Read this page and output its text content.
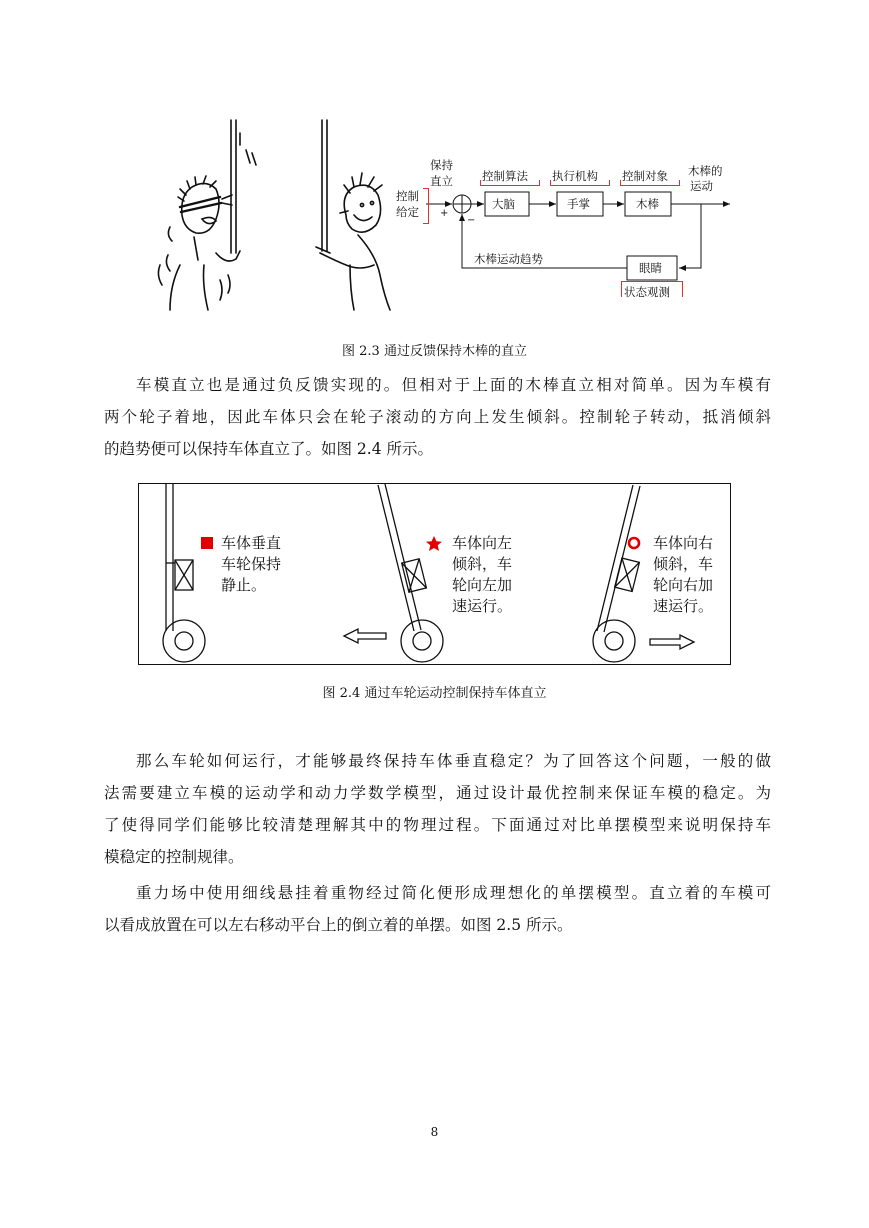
控制
给定
保持
直立
+
−
控制算法 执行机构 控制对象 木棒的
运动
大脑	手掌	木棒
眼睛
木棒运动趋势
状态观测
图 2.3 通过反馈保持木棒的直立

车模直立也是通过负反馈实现的。但相对于上面的木棒直立相对简单。因为车模有
两个轮子着地，因此车体只会在轮子滚动的方向上发生倾斜。控制轮子转动，抵消倾斜
的趋势便可以保持车体直立了。如图 2.4 所示。

车体垂直
车轮保持
静止。
车体向左
倾斜，车
轮向左加
速运行。
车体向右
倾斜，车
轮向右加
速运行。
图 2.4 通过车轮运动控制保持车体直立

那么车轮如何运行，才能够最终保持车体垂直稳定？为了回答这个问题，一般的做
法需要建立车模的运动学和动力学数学模型，通过设计最优控制来保证车模的稳定。为
了使得同学们能够比较清楚理解其中的物理过程。下面通过对比单摆模型来说明保持车
模稳定的控制规律。

重力场中使用细线悬挂着重物经过简化便形成理想化的单摆模型。直立着的车模可
以看成放置在可以左右移动平台上的倒立着的单摆。如图 2.5 所示。

8
